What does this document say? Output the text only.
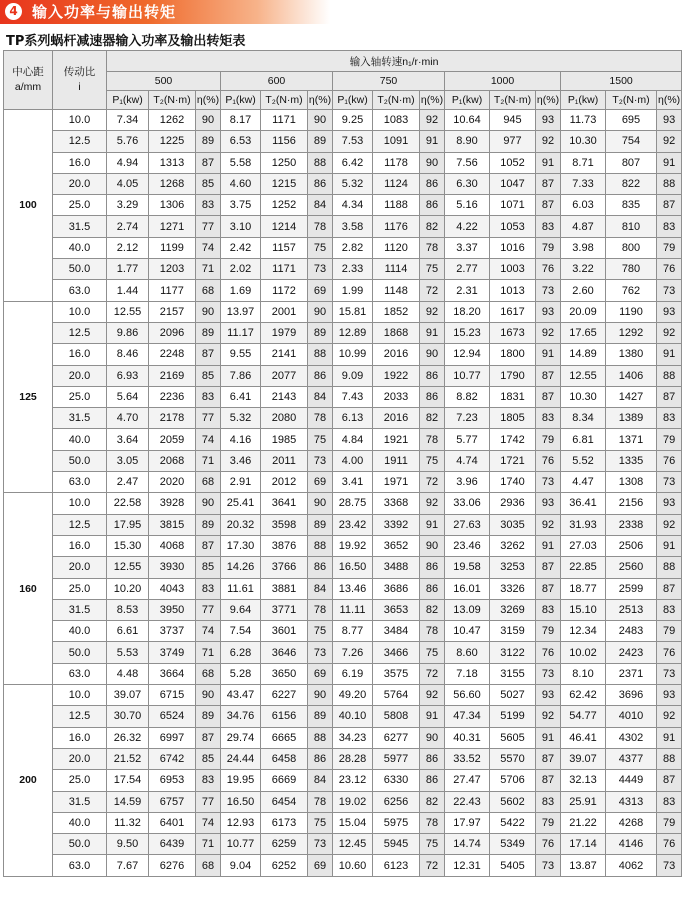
4 输入功率与输出转矩
TP系列蜗杆减速器输入功率及输出转矩表
中心距
a/mm	传动比
i	输入轴转速n₁/r·min														
		500			600			750			1000			1500		
		P₁(kw)	T₂(N·m)	η(%)	P₁(kw)	T₂(N·m)	η(%)	P₁(kw)	T₂(N·m)	η(%)	P₁(kw)	T₂(N·m)	η(%)	P₁(kw)	T₂(N·m)	η(%)
100	10.0	7.34	1262	90	8.17	1171	90	9.25	1083	92	10.64	945	93	11.73	695	93
	12.5	5.76	1225	89	6.53	1156	89	7.53	1091	91	8.90	977	92	10.30	754	92
	16.0	4.94	1313	87	5.58	1250	88	6.42	1178	90	7.56	1052	91	8.71	807	91
	20.0	4.05	1268	85	4.60	1215	86	5.32	1124	86	6.30	1047	87	7.33	822	88
	25.0	3.29	1306	83	3.75	1252	84	4.34	1188	86	5.16	1071	87	6.03	835	87
	31.5	2.74	1271	77	3.10	1214	78	3.58	1176	82	4.22	1053	83	4.87	810	83
	40.0	2.12	1199	74	2.42	1157	75	2.82	1120	78	3.37	1016	79	3.98	800	79
	50.0	1.77	1203	71	2.02	1171	73	2.33	1114	75	2.77	1003	76	3.22	780	76
	63.0	1.44	1177	68	1.69	1172	69	1.99	1148	72	2.31	1013	73	2.60	762	73
125	10.0	12.55	2157	90	13.97	2001	90	15.81	1852	92	18.20	1617	93	20.09	1190	93
	12.5	9.86	2096	89	11.17	1979	89	12.89	1868	91	15.23	1673	92	17.65	1292	92
	16.0	8.46	2248	87	9.55	2141	88	10.99	2016	90	12.94	1800	91	14.89	1380	91
	20.0	6.93	2169	85	7.86	2077	86	9.09	1922	86	10.77	1790	87	12.55	1406	88
	25.0	5.64	2236	83	6.41	2143	84	7.43	2033	86	8.82	1831	87	10.30	1427	87
	31.5	4.70	2178	77	5.32	2080	78	6.13	2016	82	7.23	1805	83	8.34	1389	83
	40.0	3.64	2059	74	4.16	1985	75	4.84	1921	78	5.77	1742	79	6.81	1371	79
	50.0	3.05	2068	71	3.46	2011	73	4.00	1911	75	4.74	1721	76	5.52	1335	76
	63.0	2.47	2020	68	2.91	2012	69	3.41	1971	72	3.96	1740	73	4.47	1308	73
160	10.0	22.58	3928	90	25.41	3641	90	28.75	3368	92	33.06	2936	93	36.41	2156	93
	12.5	17.95	3815	89	20.32	3598	89	23.42	3392	91	27.63	3035	92	31.93	2338	92
	16.0	15.30	4068	87	17.30	3876	88	19.92	3652	90	23.46	3262	91	27.03	2506	91
	20.0	12.55	3930	85	14.26	3766	86	16.50	3488	86	19.58	3253	87	22.85	2560	88
	25.0	10.20	4043	83	11.61	3881	84	13.46	3686	86	16.01	3326	87	18.77	2599	87
	31.5	8.53	3950	77	9.64	3771	78	11.11	3653	82	13.09	3269	83	15.10	2513	83
	40.0	6.61	3737	74	7.54	3601	75	8.77	3484	78	10.47	3159	79	12.34	2483	79
	50.0	5.53	3749	71	6.28	3646	73	7.26	3466	75	8.60	3122	76	10.02	2423	76
	63.0	4.48	3664	68	5.28	3650	69	6.19	3575	72	7.18	3155	73	8.10	2371	73
200	10.0	39.07	6715	90	43.47	6227	90	49.20	5764	92	56.60	5027	93	62.42	3696	93
	12.5	30.70	6524	89	34.76	6156	89	40.10	5808	91	47.34	5199	92	54.77	4010	92
	16.0	26.32	6997	87	29.74	6665	88	34.23	6277	90	40.31	5605	91	46.41	4302	91
	20.0	21.52	6742	85	24.44	6458	86	28.28	5977	86	33.52	5570	87	39.07	4377	88
	25.0	17.54	6953	83	19.95	6669	84	23.12	6330	86	27.47	5706	87	32.13	4449	87
	31.5	14.59	6757	77	16.50	6454	78	19.02	6256	82	22.43	5602	83	25.91	4313	83
	40.0	11.32	6401	74	12.93	6173	75	15.04	5975	78	17.97	5422	79	21.22	4268	79
	50.0	9.50	6439	71	10.77	6259	73	12.45	5945	75	14.74	5349	76	17.14	4146	76
	63.0	7.67	6276	68	9.04	6252	69	10.60	6123	72	12.31	5405	73	13.87	4062	73
